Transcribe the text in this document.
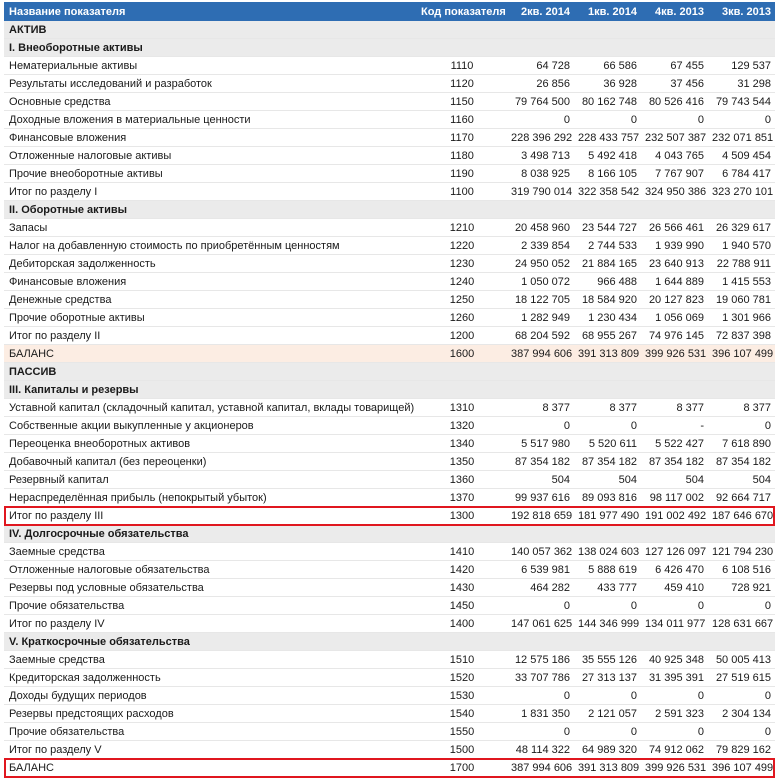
Название показателя	Код показателя	2кв. 2014	1кв. 2014	4кв. 2013	3кв. 2013
АКТИВ					
I. Внеоборотные активы					
Нематериальные активы	1110	64 728	66 586	67 455	129 537
Результаты исследований и разработок	1120	26 856	36 928	37 456	31 298
Основные средства	1150	79 764 500	80 162 748	80 526 416	79 743 544
Доходные вложения в материальные ценности	1160	0	0	0	0
Финансовые вложения	1170	228 396 292	228 433 757	232 507 387	232 071 851
Отложенные налоговые активы	1180	3 498 713	5 492 418	4 043 765	4 509 454
Прочие внеоборотные активы	1190	8 038 925	8 166 105	7 767 907	6 784 417
Итог по разделу I	1100	319 790 014	322 358 542	324 950 386	323 270 101
II. Оборотные активы					
Запасы	1210	20 458 960	23 544 727	26 566 461	26 329 617
Налог на добавленную стоимость по приобретённым ценностям	1220	2 339 854	2 744 533	1 939 990	1 940 570
Дебиторская задолженность	1230	24 950 052	21 884 165	23 640 913	22 788 911
Финансовые вложения	1240	1 050 072	966 488	1 644 889	1 415 553
Денежные средства	1250	18 122 705	18 584 920	20 127 823	19 060 781
Прочие оборотные активы	1260	1 282 949	1 230 434	1 056 069	1 301 966
Итог по разделу II	1200	68 204 592	68 955 267	74 976 145	72 837 398
БАЛАНС	1600	387 994 606	391 313 809	399 926 531	396 107 499
ПАССИВ					
III. Капиталы и резервы					
Уставной капитал (складочный капитал, уставной капитал, вклады товарищей)	1310	8 377	8 377	8 377	8 377
Собственные акции выкупленные у акционеров	1320	0	0	-	0
Переоценка внеоборотных активов	1340	5 517 980	5 520 611	5 522 427	7 618 890
Добавочный капитал (без переоценки)	1350	87 354 182	87 354 182	87 354 182	87 354 182
Резервный капитал	1360	504	504	504	504
Нераспределённая прибыль (непокрытый убыток)	1370	99 937 616	89 093 816	98 117 002	92 664 717
Итог по разделу III	1300	192 818 659	181 977 490	191 002 492	187 646 670
IV. Долгосрочные обязательства					
Заемные средства	1410	140 057 362	138 024 603	127 126 097	121 794 230
Отложенные налоговые обязательства	1420	6 539 981	5 888 619	6 426 470	6 108 516
Резервы под условные обязательства	1430	464 282	433 777	459 410	728 921
Прочие обязательства	1450	0	0	0	0
Итог по разделу IV	1400	147 061 625	144 346 999	134 011 977	128 631 667
V. Краткосрочные обязательства					
Заемные средства	1510	12 575 186	35 555 126	40 925 348	50 005 413
Кредиторская задолженность	1520	33 707 786	27 313 137	31 395 391	27 519 615
Доходы будущих периодов	1530	0	0	0	0
Резервы предстоящих расходов	1540	1 831 350	2 121 057	2 591 323	2 304 134
Прочие обязательства	1550	0	0	0	0
Итог по разделу V	1500	48 114 322	64 989 320	74 912 062	79 829 162
БАЛАНС	1700	387 994 606	391 313 809	399 926 531	396 107 499
